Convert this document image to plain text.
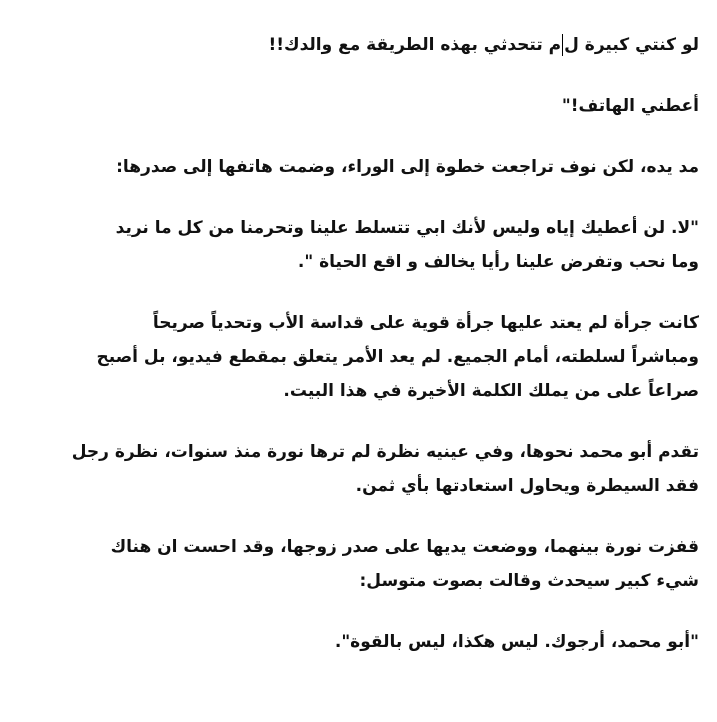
لو كنتي كبيرة لم تتحدثي بهذه الطريقة مع والدك!!

أعطني الهاتف!"

مد يده، لكن نوف تراجعت خطوة إلى الوراء، وضمت هاتفها إلى صدرها:

"لا. لن أعطيك إياه وليس لأنك ابي تتسلط علينا وتحرمنا من كل ما نريد
وما نحب وتفرض علينا رأيا يخالف و اقع الحياة ".

كانت جرأة لم يعتد عليها جرأة قوية على قداسة الأب وتحدياً صريحاً
ومباشراً لسلطته، أمام الجميع. لم يعد الأمر يتعلق بمقطع فيديو، بل أصبح
صراعاً على من يملك الكلمة الأخيرة في هذا البيت.

تقدم أبو محمد نحوها، وفي عينيه نظرة لم ترها نورة منذ سنوات، نظرة رجل
فقد السيطرة ويحاول استعادتها بأي ثمن.

قفزت نورة بينهما، ووضعت يديها على صدر زوجها، وقد احست ان هناك
شيء كبير سيحدث وقالت بصوت متوسل:

"أبو محمد، أرجوك. ليس هكذا، ليس بالقوة".
